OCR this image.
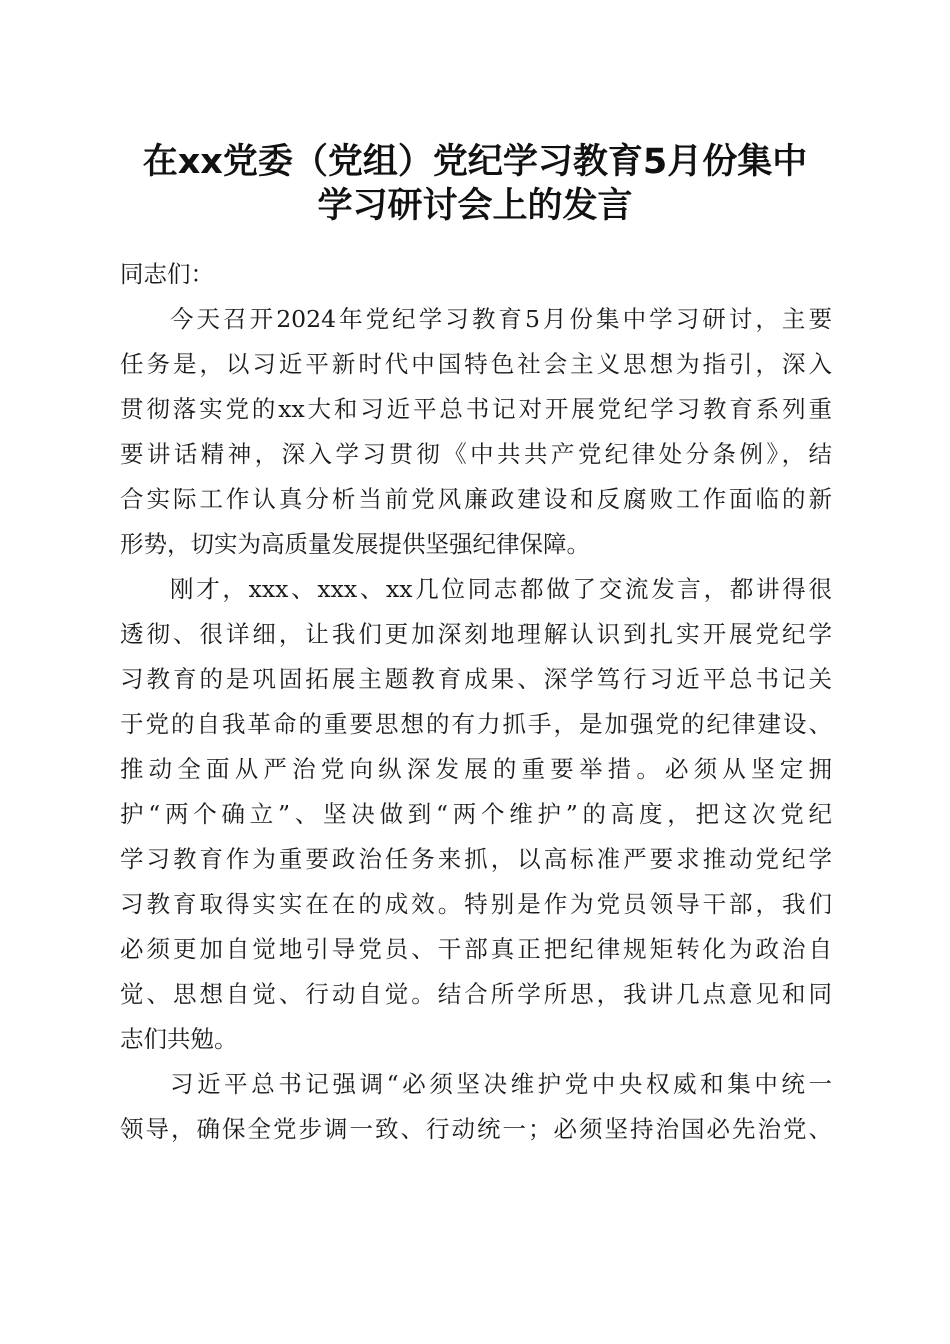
在xx党委（党组）党纪学习教育5月份集中
学习研讨会上的发言
同志们：
今天召开2024年党纪学习教育5月份集中学习研讨，主要
任务是，以习近平新时代中国特色社会主义思想为指引，深入
贯彻落实党的xx大和习近平总书记对开展党纪学习教育系列重
要讲话精神，深入学习贯彻《中共共产党纪律处分条例》，结
合实际工作认真分析当前党风廉政建设和反腐败工作面临的新
形势，切实为高质量发展提供坚强纪律保障。
刚才，xxx、xxx、xx几位同志都做了交流发言，都讲得很
透彻、很详细，让我们更加深刻地理解认识到扎实开展党纪学
习教育的是巩固拓展主题教育成果、深学笃行习近平总书记关
于党的自我革命的重要思想的有力抓手，是加强党的纪律建设、
推动全面从严治党向纵深发展的重要举措。必须从坚定拥
护“两个确立”、坚决做到“两个维护”的高度，把这次党纪
学习教育作为重要政治任务来抓，以高标准严要求推动党纪学
习教育取得实实在在的成效。特别是作为党员领导干部，我们
必须更加自觉地引导党员、干部真正把纪律规矩转化为政治自
觉、思想自觉、行动自觉。结合所学所思，我讲几点意见和同
志们共勉。
习近平总书记强调“必须坚决维护党中央权威和集中统一
领导，确保全党步调一致、行动统一；必须坚持治国必先治党、
